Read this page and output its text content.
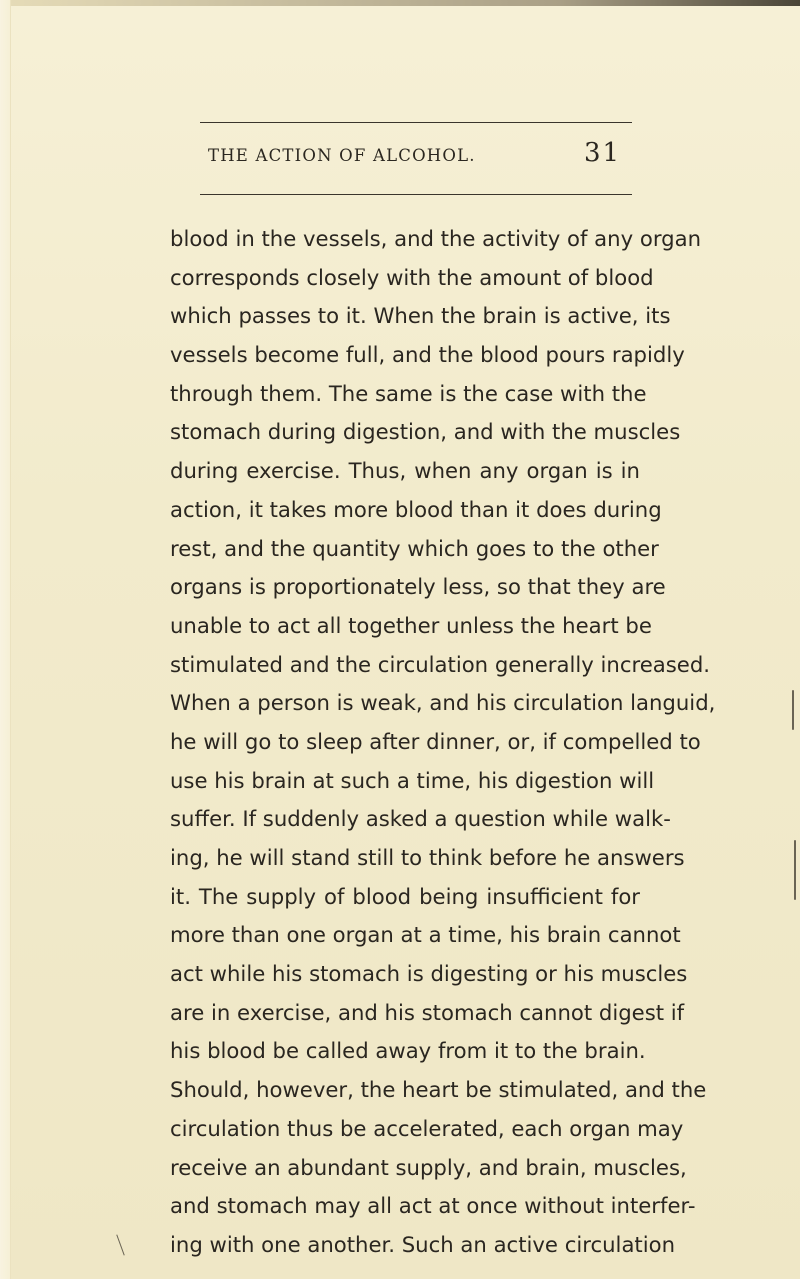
THE ACTION OF ALCOHOL.	31
blood in the vessels, and the activity of any organ
corresponds closely with the amount of blood
which passes to it. When the brain is active, its
vessels become full, and the blood pours rapidly
through them. The same is the case with the
stomach during digestion, and with the muscles
during exercise. Thus, when any organ is in
action, it takes more blood than it does during
rest, and the quantity which goes to the other
organs is proportionately less, so that they are
unable to act all together unless the heart be
stimulated and the circulation generally increased.
When a person is weak, and his circulation languid,
he will go to sleep after dinner, or, if compelled to
use his brain at such a time, his digestion will
suffer. If suddenly asked a question while walk-
ing, he will stand still to think before he answers
it. The supply of blood being insufficient for
more than one organ at a time, his brain cannot
act while his stomach is digesting or his muscles
are in exercise, and his stomach cannot digest if
his blood be called away from it to the brain.
Should, however, the heart be stimulated, and the
circulation thus be accelerated, each organ may
receive an abundant supply, and brain, muscles,
and stomach may all act at once without interfer-
ing with one another. Such an active circulation
